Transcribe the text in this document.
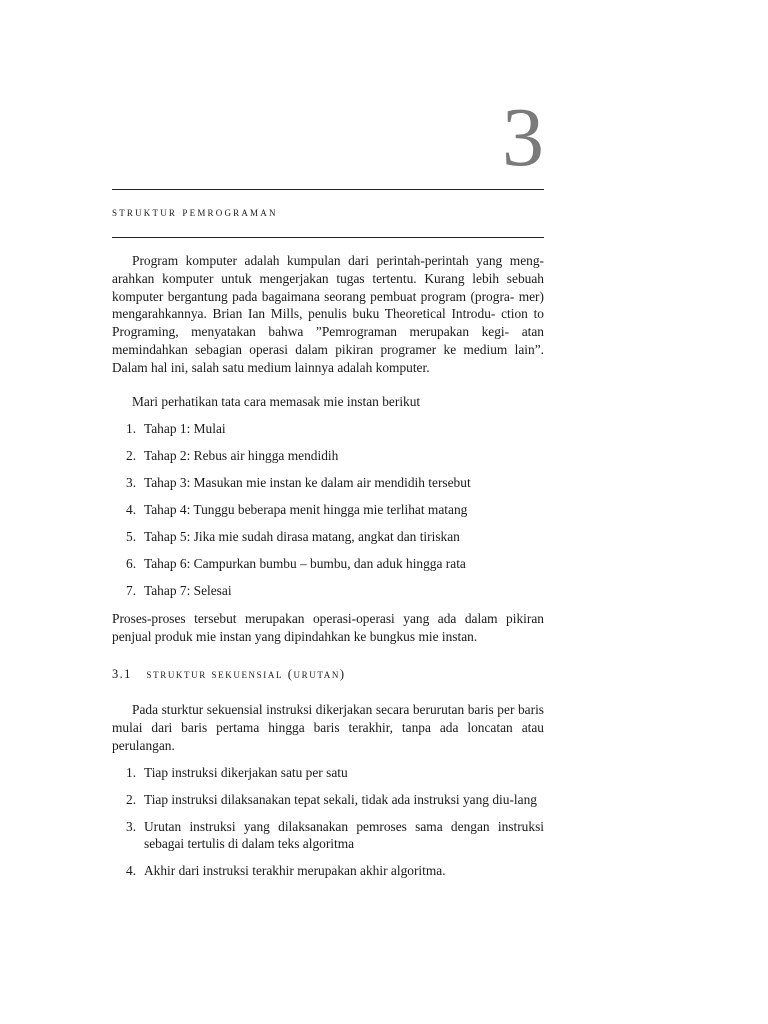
3
struktur pemrograman
Program komputer adalah kumpulan dari perintah-perintah yang meng- arahkan komputer untuk mengerjakan tugas tertentu. Kurang lebih sebuah komputer bergantung pada bagaimana seorang pembuat program (progra- mer) mengarahkannya. Brian Ian Mills, penulis buku Theoretical Introdu- ction to Programing, menyatakan bahwa ”Pemrograman merupakan kegi- atan memindahkan sebagian operasi dalam pikiran programer ke medium lain”. Dalam hal ini, salah satu medium lainnya adalah komputer.
Mari perhatikan tata cara memasak mie instan berikut
1. Tahap 1: Mulai
2. Tahap 2: Rebus air hingga mendidih
3. Tahap 3: Masukan mie instan ke dalam air mendidih tersebut
4. Tahap 4: Tunggu beberapa menit hingga mie terlihat matang
5. Tahap 5: Jika mie sudah dirasa matang, angkat dan tiriskan
6. Tahap 6: Campurkan bumbu – bumbu, dan aduk hingga rata
7. Tahap 7: Selesai
Proses-proses tersebut merupakan operasi-operasi yang ada dalam pikiran penjual produk mie instan yang dipindahkan ke bungkus mie instan.
3.1 struktur sekuensial (urutan)
Pada sturktur sekuensial instruksi dikerjakan secara berurutan baris per baris mulai dari baris pertama hingga baris terakhir, tanpa ada loncatan atau perulangan.
1. Tiap instruksi dikerjakan satu per satu
2. Tiap instruksi dilaksanakan tepat sekali, tidak ada instruksi yang diu-lang
3. Urutan instruksi yang dilaksanakan pemroses sama dengan instruksi sebagai tertulis di dalam teks algoritma
4. Akhir dari instruksi terakhir merupakan akhir algoritma.
